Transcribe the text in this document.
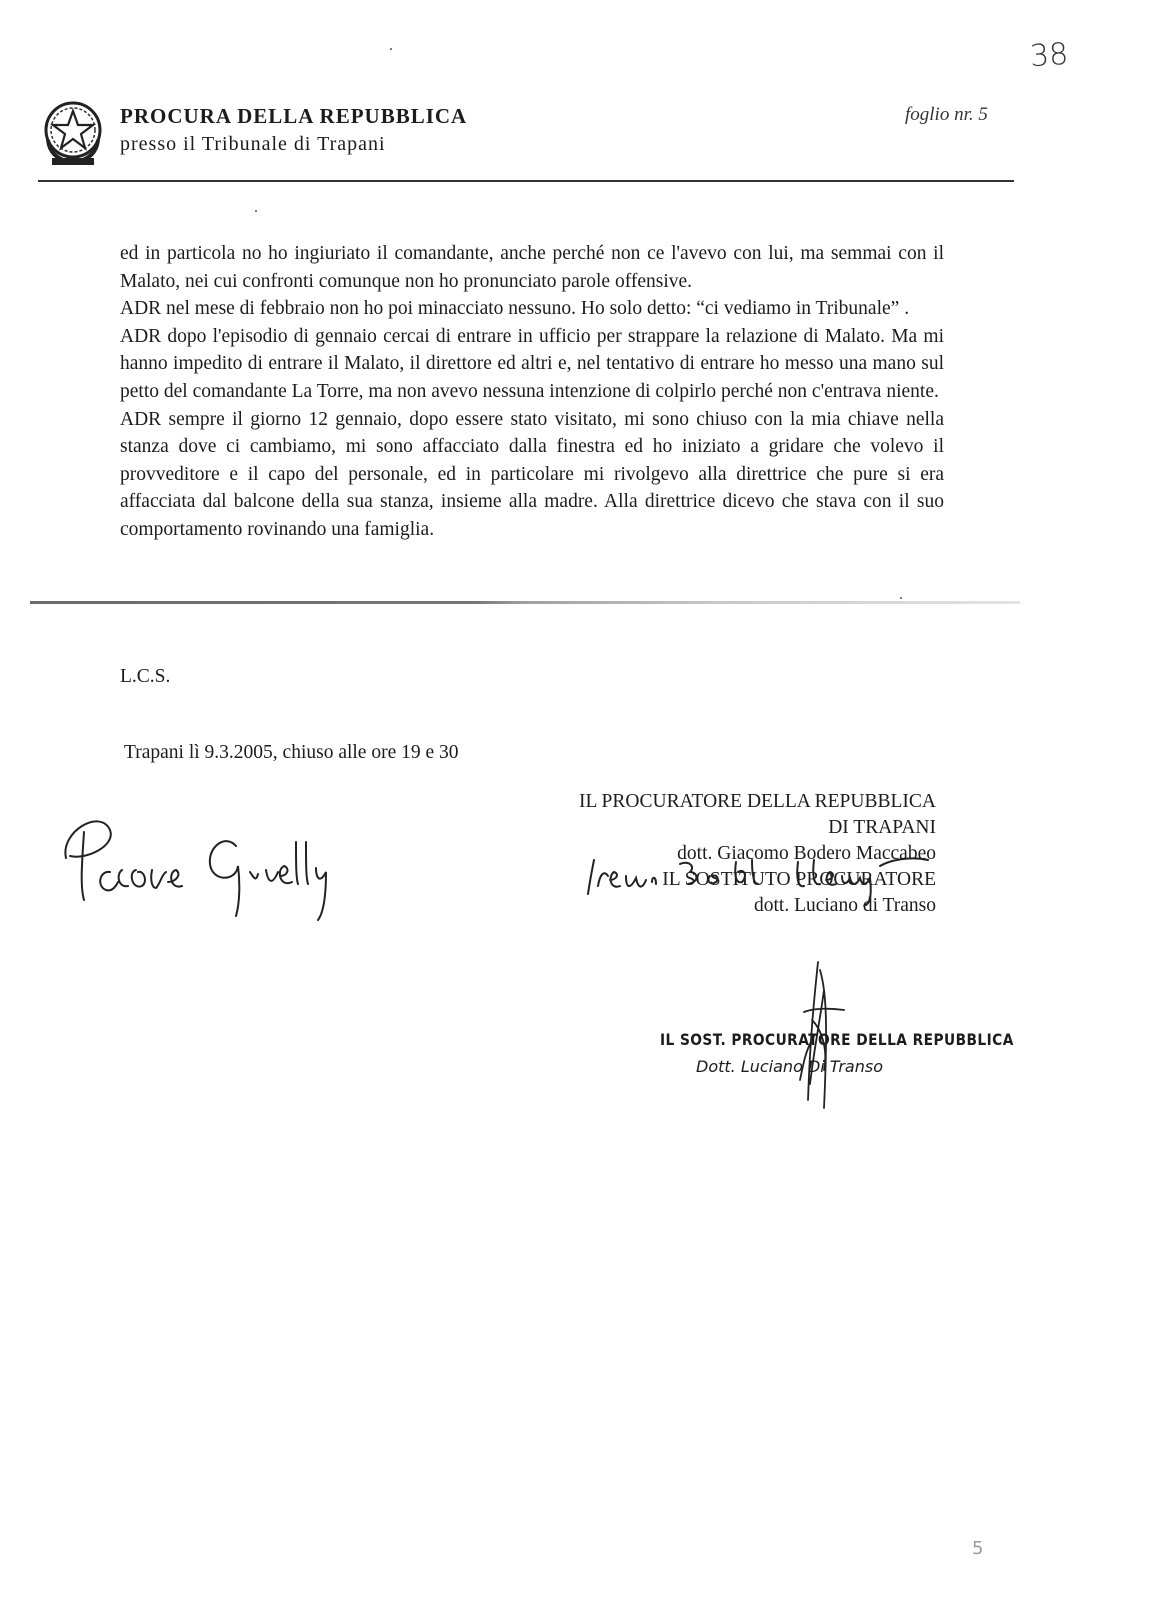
38
PROCURA DELLA REPUBBLICA
presso il Tribunale di Trapani
foglio nr. 5

ed in particola no ho ingiuriato il comandante, anche perché non ce l'avevo con lui, ma semmai con il Malato, nei cui confronti comunque non ho pronunciato parole offensive.

ADR nel mese di febbraio non ho poi minacciato nessuno. Ho solo detto: “ci vediamo in Tribunale” .

ADR dopo l'episodio di gennaio cercai di entrare in ufficio per strappare la relazione di Malato. Ma mi hanno impedito di entrare il Malato, il direttore ed altri e, nel tentativo di entrare ho messo una mano sul petto del comandante La Torre, ma non avevo nessuna intenzione di colpirlo perché non c'entrava niente.

ADR sempre il giorno 12 gennaio, dopo essere stato visitato, mi sono chiuso con la mia chiave nella stanza dove ci cambiamo, mi sono affacciato dalla finestra ed ho iniziato a gridare che volevo il provveditore e il capo del personale, ed in particolare mi rivolgevo alla direttrice che pure si era affacciata dal balcone della sua stanza, insieme alla madre. Alla direttrice dicevo che stava con il suo comportamento rovinando una famiglia.

L.C.S.
Trapani lì 9.3.2005, chiuso alle ore 19 e 30
IL PROCURATORE DELLA REPUBBLICA
DI TRAPANI
dott. Giacomo Bodero Maccabeo
IL SOSTITUTO PROCURATORE
dott. Luciano di Transo
IL SOST. PROCURATORE DELLA REPUBBLICA
Dott. Luciano Di Transo
5
